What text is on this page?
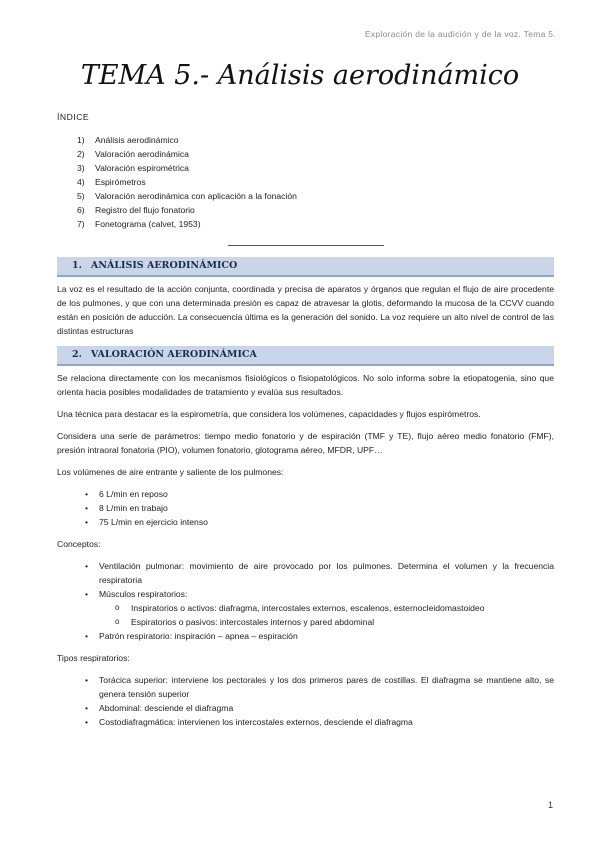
Exploración de la audición y de la voz. Tema 5.
TEMA 5.- Análisis aerodinámico
ÍNDICE
1) Análisis aerodinámico
2) Valoración aerodinámica
3) Valoración espirométrica
4) Espirómetros
5) Valoración aerodinámica con aplicación a la fonación
6) Registro del flujo fonatorio
7) Fonetograma (calvet, 1953)
1. ANÁLISIS AERODINÁMICO

La voz es el resultado de la acción conjunta, coordinada y precisa de aparatos y órganos que regulan el flujo de aire procedente de los pulmones, y que con una determinada presión es capaz de atravesar la glotis, deformando la mucosa de la CCVV cuando están en posición de aducción. La consecuencia última es la generación del sonido. La voz requiere un alto nivel de control de las distintas estructuras

2. VALORACIÓN AERODINÁMICA

Se relaciona directamente con los mecanismos fisiológicos o fisiopatológicos. No solo informa sobre la etiopatogenia, sino que orienta hacia posibles modalidades de tratamiento y evalúa sus resultados.

Una técnica para destacar es la espirometría, que considera los volúmenes, capacidades y flujos espirómetros.

Considera una serie de parámetros: tiempo medio fonatorio y de espiración (TMF y TE), flujo aéreo medio fonatorio (FMF), presión intraoral fonatoria (PIO), volumen fonatorio, glotograma aéreo, MFDR, UPF…

Los volúmenes de aire entrante y saliente de los pulmones:

• 6 L/min en reposo
• 8 L/min en trabajo
• 75 L/min en ejercicio intenso
Conceptos:
• Ventilación pulmonar: movimiento de aire provocado por los pulmones. Determina el volumen y la frecuencia respiratoria
• Músculos respiratorios:
o Inspiratorios o activos: diafragma, intercostales externos, escalenos, esternocleidomastoideo
o Espiratorios o pasivos: intercostales internos y pared abdominal
• Patrón respiratorio: inspiración – apnea – espiración
Tipos respiratorios:
• Torácica superior: interviene los pectorales y los dos primeros pares de costillas. El diafragma se mantiene alto, se genera tensión superior
• Abdominal: desciende el diafragma
• Costodiafragmática: intervienen los intercostales externos, desciende el diafragma
1
